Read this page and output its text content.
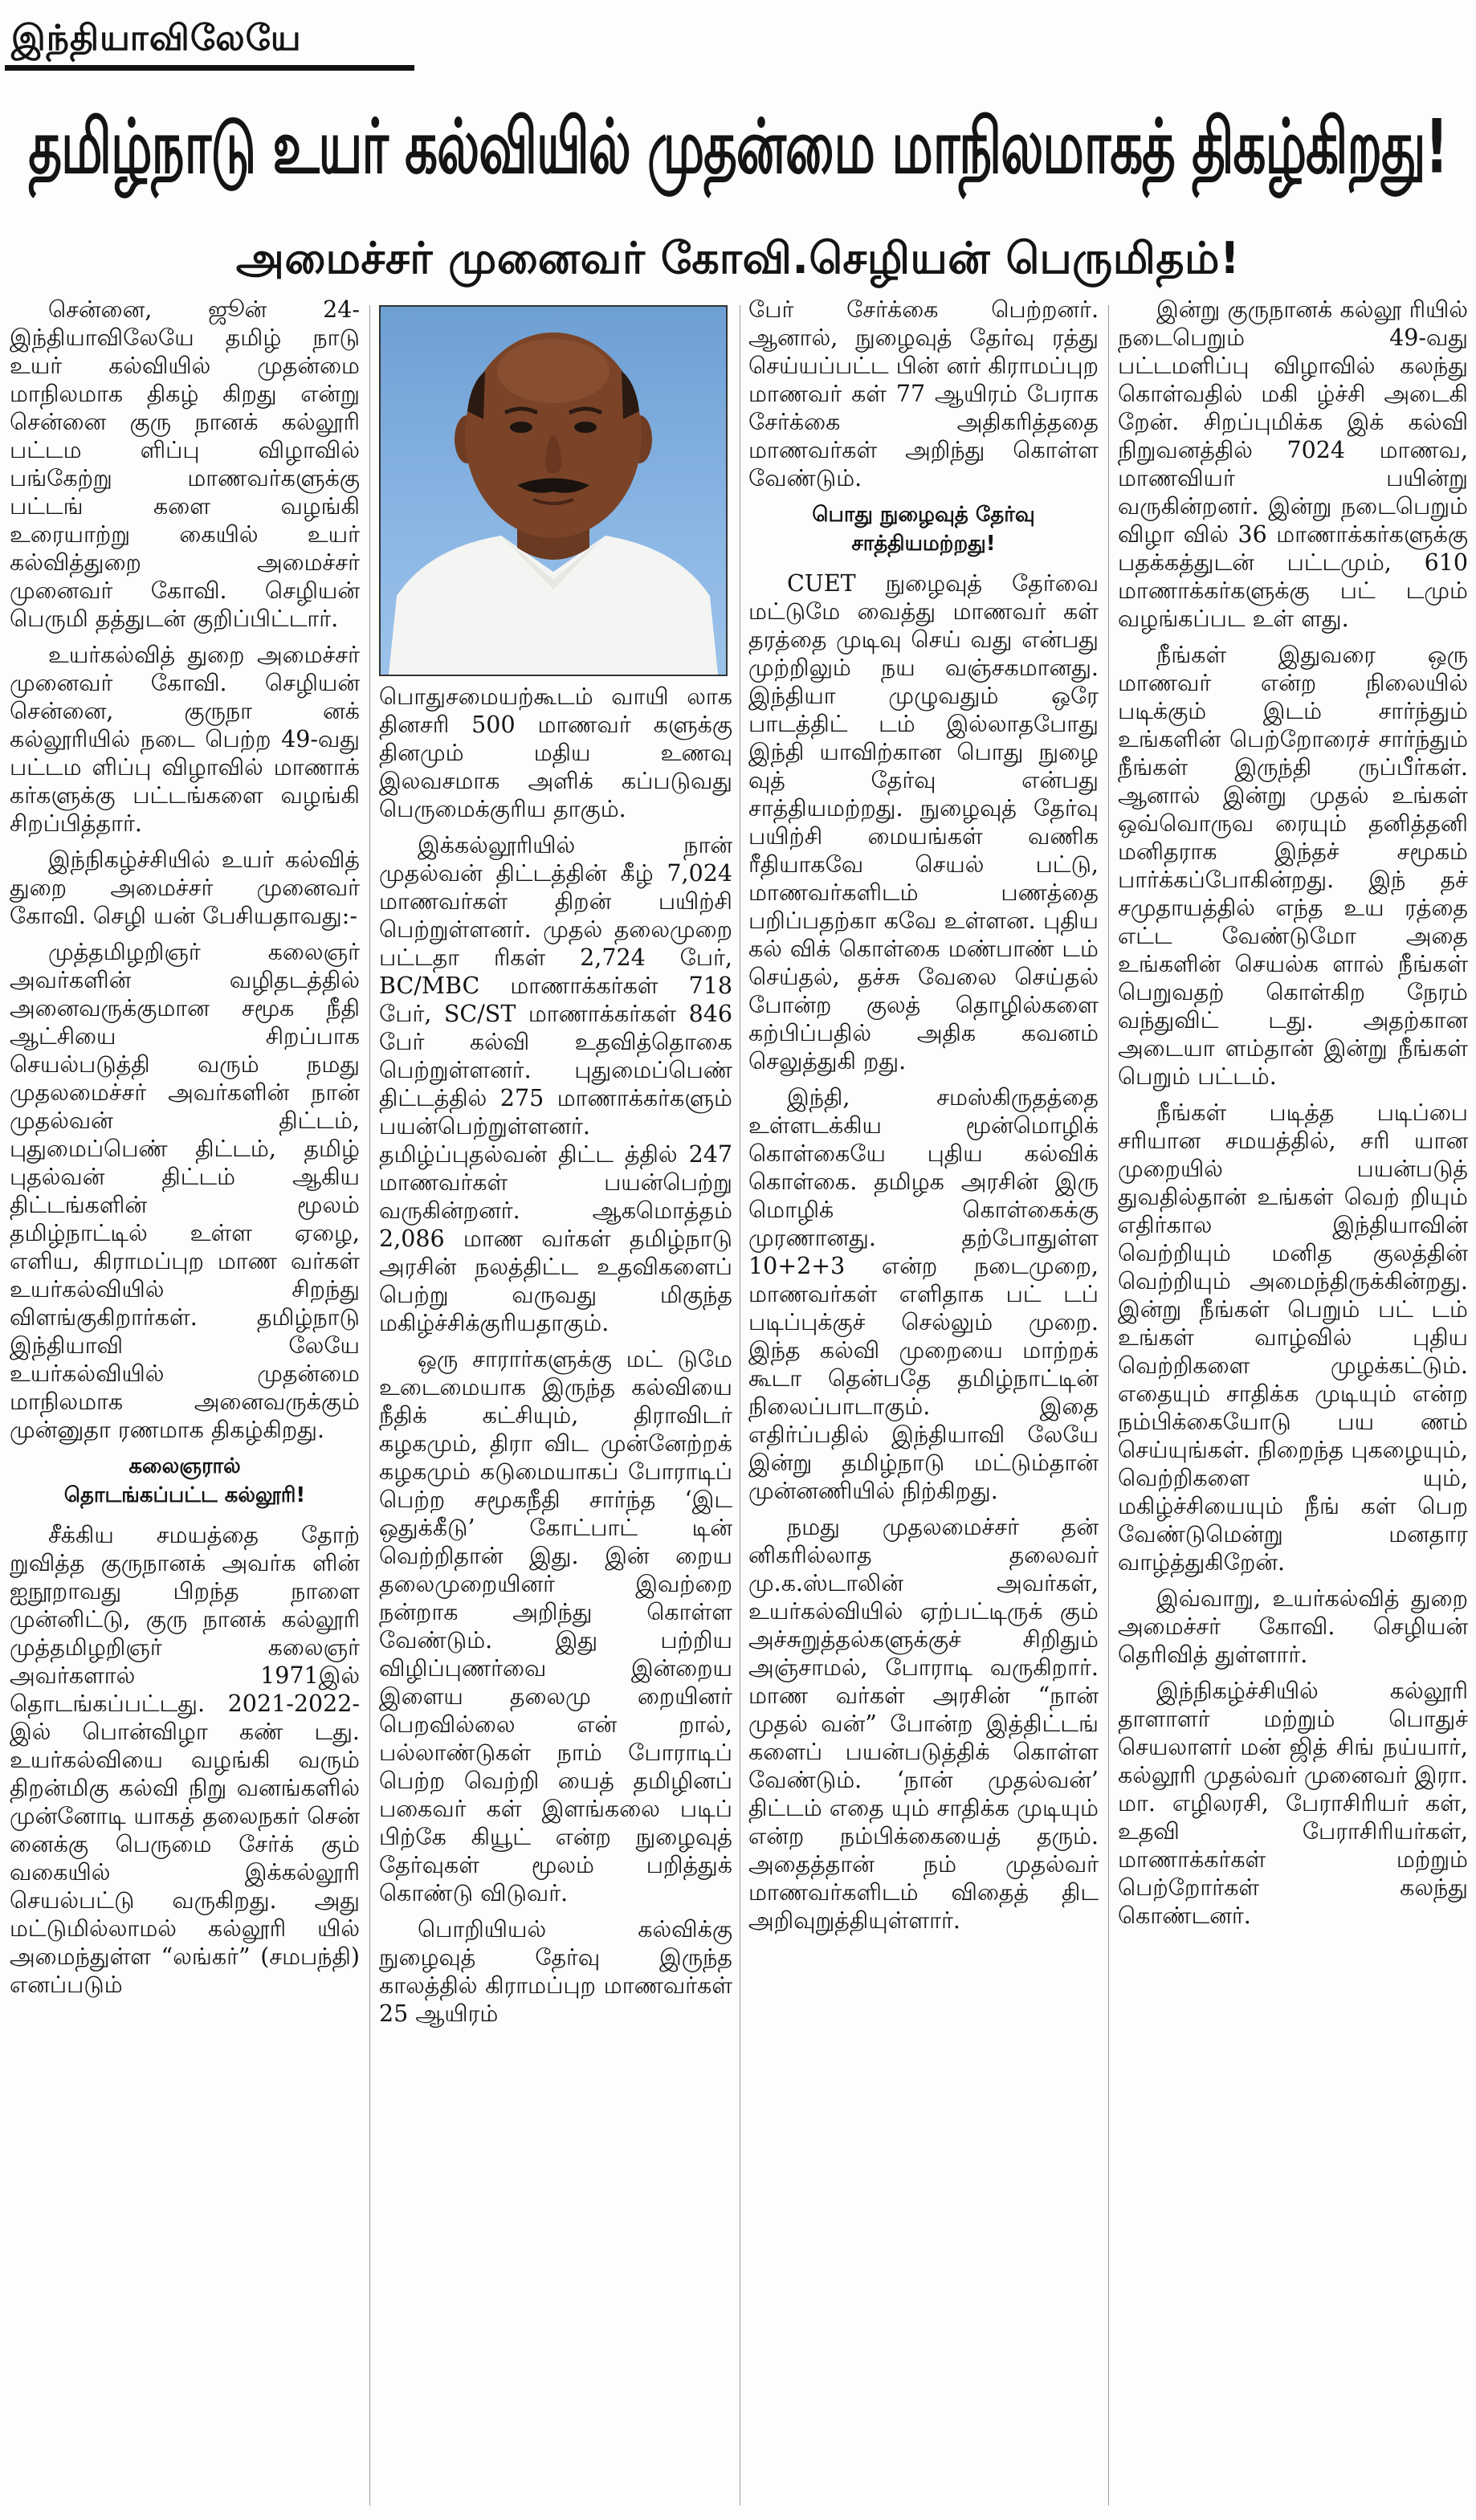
இந்தியாவிலேயே
தமிழ்நாடு உயர் கல்வியில் முதன்மை மாநிலமாகத் திகழ்கிறது!
அமைச்சர் முனைவர் கோவி.செழியன் பெருமிதம்!

சென்னை, ஜூன் 24- இந்தியாவிலேயே தமிழ் நாடு உயர் கல்வியில் முதன்மை மாநிலமாக திகழ் கிறது என்று சென்னை குரு நானக் கல்லூரி பட்டம ளிப்பு விழாவில் பங்கேற்று மாணவர்களுக்கு பட்டங் களை வழங்கி உரையாற்று கையில் உயர் கல்வித்துறை அமைச்சர் முனைவர் கோவி. செழியன் பெருமி தத்துடன் குறிப்பிட்டார்.

உயர்கல்வித் துறை அமைச்சர் முனைவர் கோவி. செழியன் சென்னை, குருநா னக் கல்லூரியில் நடை பெற்ற 49-வது பட்டம ளிப்பு விழாவில் மாணாக் கர்களுக்கு பட்டங்களை வழங்கி சிறப்பித்தார்.

இந்நிகழ்ச்சியில் உயர் கல்வித் துறை அமைச்சர் முனைவர் கோவி. செழி யன் பேசியதாவது:-

முத்தமிழறிஞர் கலைஞர் அவர்களின் வழிதடத்தில் அனைவருக்குமான சமூக நீதி ஆட்சியை சிறப்பாக செயல்படுத்தி வரும் நமது முதலமைச்சர் அவர்களின் நான் முதல்வன் திட்டம், புதுமைப்பெண் திட்டம், தமிழ் புதல்வன் திட்டம் ஆகிய திட்டங்களின் மூலம் தமிழ்நாட்டில் உள்ள ஏழை, எளிய, கிராமப்புற மாண வர்கள் உயர்கல்வியில் சிறந்து விளங்குகிறார்கள். தமிழ்நாடு இந்தியாவி லேயே உயர்கல்வியில் முதன்மை மாநிலமாக அனைவருக்கும் முன்னுதா ரணமாக திகழ்கிறது.

கலைஞரால்
தொடங்கப்பட்ட கல்லூரி!

சீக்கிய சமயத்தை தோற் றுவித்த குருநானக் அவர்க ளின் ஐநூறாவது பிறந்த நாளை முன்னிட்டு, குரு நானக் கல்லூரி முத்தமிழறிஞர் கலைஞர் அவர்களால் 1971இல் தொடங்கப்பட்டது. 2021-2022-இல் பொன்விழா கண் டது. உயர்கல்வியை வழங்கி வரும் திறன்மிகு கல்வி நிறு வனங்களில் முன்னோடி யாகத் தலைநகர் சென் னைக்கு பெருமை சேர்க் கும் வகையில் இக்கல்லூரி செயல்பட்டு வருகிறது. அது மட்டுமில்லாமல் கல்லூரி யில் அமைந்துள்ள “லங்கர்” (சமபந்தி) எனப்படும்

பொதுசமையற்கூடம் வாயி லாக தினசரி 500 மாணவர் களுக்கு தினமும் மதிய உணவு இலவசமாக அளிக் கப்படுவது பெருமைக்குரிய தாகும்.

இக்கல்லூரியில் நான் முதல்வன் திட்டத்தின் கீழ் 7,024 மாணவர்கள் திறன் பயிற்சி பெற்றுள்ளனர். முதல் தலைமுறை பட்டதா ரிகள் 2,724 பேர், BC/MBC மாணாக்கர்கள் 718 பேர், SC/ST மாணாக்கர்கள் 846 பேர் கல்வி உதவித்தொகை பெற்றுள்ளனர். புதுமைப்பெண் திட்டத்தில் 275 மாணாக்கர்களும் பயன்பெற்றுள்ளனர். தமிழ்ப்புதல்வன் திட்ட த்தில் 247 மாணவர்கள் பயன்பெற்று வருகின்றனர். ஆகமொத்தம் 2,086 மாண வர்கள் தமிழ்நாடு அரசின் நலத்திட்ட உதவிகளைப் பெற்று வருவது மிகுந்த மகிழ்ச்சிக்குரியதாகும்.

ஒரு சாரார்களுக்கு மட் டுமே உடைமையாக இருந்த கல்வியை நீதிக் கட்சியும், திராவிடர் கழகமும், திரா விட முன்னேற்றக் கழகமும் கடுமையாகப் போராடிப் பெற்ற சமூகநீதி சார்ந்த ‘இட ஒதுக்கீடு’ கோட்பாட் டின் வெற்றிதான் இது. இன் றைய தலைமுறையினர் இவற்றை நன்றாக அறிந்து கொள்ள வேண்டும். இது பற்றிய விழிப்புணர்வை இன்றைய இளைய தலைமு றையினர் பெறவில்லை என் றால், பல்லாண்டுகள் நாம் போராடிப் பெற்ற வெற்றி யைத் தமிழினப் பகைவர் கள் இளங்கலை படிப் பிற்கே கியூட் என்ற நுழைவுத் தேர்வுகள் மூலம் பறித்துக் கொண்டு விடுவர்.

பொறியியல் கல்விக்கு நுழைவுத் தேர்வு இருந்த காலத்தில் கிராமப்புற மாணவர்கள் 25 ஆயிரம்

பேர் சேர்க்கை பெற்றனர். ஆனால், நுழைவுத் தேர்வு ரத்து செய்யப்பட்ட பின் னர் கிராமப்புற மாணவர் கள் 77 ஆயிரம் பேராக சேர்க்கை அதிகரித்ததை மாணவர்கள் அறிந்து கொள்ள வேண்டும்.

பொது நுழைவுத் தேர்வு
சாத்தியமற்றது!

CUET நுழைவுத் தேர்வை மட்டுமே வைத்து மாணவர் கள் தரத்தை முடிவு செய் வது என்பது முற்றிலும் நய வஞ்சகமானது. இந்தியா முழுவதும் ஒரே பாடத்திட் டம் இல்லாதபோது இந்தி யாவிற்கான பொது நுழை வுத் தேர்வு என்பது சாத்தியமற்றது. நுழைவுத் தேர்வு பயிற்சி மையங்கள் வணிக ரீதியாகவே செயல் பட்டு, மாணவர்களிடம் பணத்தை பறிப்பதற்கா கவே உள்ளன. புதிய கல் விக் கொள்கை மண்பாண் டம் செய்தல், தச்சு வேலை செய்தல் போன்ற குலத் தொழில்களை கற்பிப்பதில் அதிக கவனம் செலுத்துகி றது.

இந்தி, சமஸ்கிருதத்தை உள்ளடக்கிய மூன்மொழிக் கொள்கையே புதிய கல்விக் கொள்கை. தமிழக அரசின் இரு மொழிக் கொள்கைக்கு முரணானது. தற்போதுள்ள 10+2+3 என்ற நடைமுறை, மாணவர்கள் எளிதாக பட் டப் படிப்புக்குச் செல்லும் முறை. இந்த கல்வி முறையை மாற்றக் கூடா தென்பதே தமிழ்நாட்டின் நிலைப்பாடாகும். இதை எதிர்ப்பதில் இந்தியாவி லேயே இன்று தமிழ்நாடு மட்டும்தான் முன்னணியில் நிற்கிறது.

நமது முதலமைச்சர் தன் னிகரில்லாத தலைவர் மு.க.ஸ்டாலின் அவர்கள், உயர்கல்வியில் ஏற்பட்டிருக் கும் அச்சுறுத்தல்களுக்குச் சிறிதும் அஞ்சாமல், போராடி வருகிறார். மாண வர்கள் அரசின் “நான் முதல் வன்” போன்ற இத்திட்டங் களைப் பயன்படுத்திக் கொள்ள வேண்டும். ‘நான் முதல்வன்’ திட்டம் எதை யும் சாதிக்க முடியும் என்ற நம்பிக்கையைத் தரும். அதைத்தான் நம் முதல்வர் மாணவர்களிடம் விதைத் திட அறிவுறுத்தியுள்ளார்.

இன்று குருநானக் கல்லூ ரியில் நடைபெறும் 49-வது பட்டமளிப்பு விழாவில் கலந்து கொள்வதில் மகி ழ்ச்சி அடைகி றேன். சிறப்புமிக்க இக் கல்வி நிறுவனத்தில் 7024 மாணவ, மாணவியர் பயின்று வருகின்றனர். இன்று நடைபெறும் விழா வில் 36 மாணாக்கர்களுக்கு பதக்கத்துடன் பட்டமும், 610 மாணாக்கர்களுக்கு பட் டமும் வழங்கப்பட உள் ளது.

நீங்கள் இதுவரை ஒரு மாணவர் என்ற நிலையில் படிக்கும் இடம் சார்ந்தும் உங்களின் பெற்றோரைச் சார்ந்தும் நீங்கள் இருந்தி ருப்பீர்கள். ஆனால் இன்று முதல் உங்கள் ஒவ்வொருவ ரையும் தனித்தனி மனிதராக இந்தச் சமூகம் பார்க்கப்போகின்றது. இந் தச் சமுதாயத்தில் எந்த உய ரத்தை எட்ட வேண்டுமோ அதை உங்களின் செயல்க ளால் நீங்கள் பெறுவதற் கொள்கிற நேரம் வந்துவிட் டது. அதற்கான அடையா ளம்தான் இன்று நீங்கள் பெறும் பட்டம்.

நீங்கள் படித்த படிப்பை சரியான சமயத்தில், சரி யான முறையில் பயன்படுத் துவதில்தான் உங்கள் வெற் றியும் எதிர்கால இந்தியாவின் வெற்றியும் மனித குலத்தின் வெற்றியும் அமைந்திருக்கின்றது. இன்று நீங்கள் பெறும் பட் டம் உங்கள் வாழ்வில் புதிய வெற்றிகளை முழக்கட்டும். எதையும் சாதிக்க முடியும் என்ற நம்பிக்கையோடு பய ணம் செய்யுங்கள். நிறைந்த புகழையும், வெற்றிகளை யும், மகிழ்ச்சியையும் நீங் கள் பெற வேண்டுமென்று மனதார வாழ்த்துகிறேன்.

இவ்வாறு, உயர்கல்வித் துறை அமைச்சர் கோவி. செழியன் தெரிவித் துள்ளார்.

இந்நிகழ்ச்சியில் கல்லூரி தாளாளர் மற்றும் பொதுச் செயலாளர் மன் ஜித் சிங் நய்யார், கல்லூரி முதல்வர் முனைவர் இரா. மா. எழிலரசி, பேராசிரியர் கள், உதவி பேராசிரியர்கள், மாணாக்கர்கள் மற்றும் பெற்றோர்கள் கலந்து கொண்டனர்.
